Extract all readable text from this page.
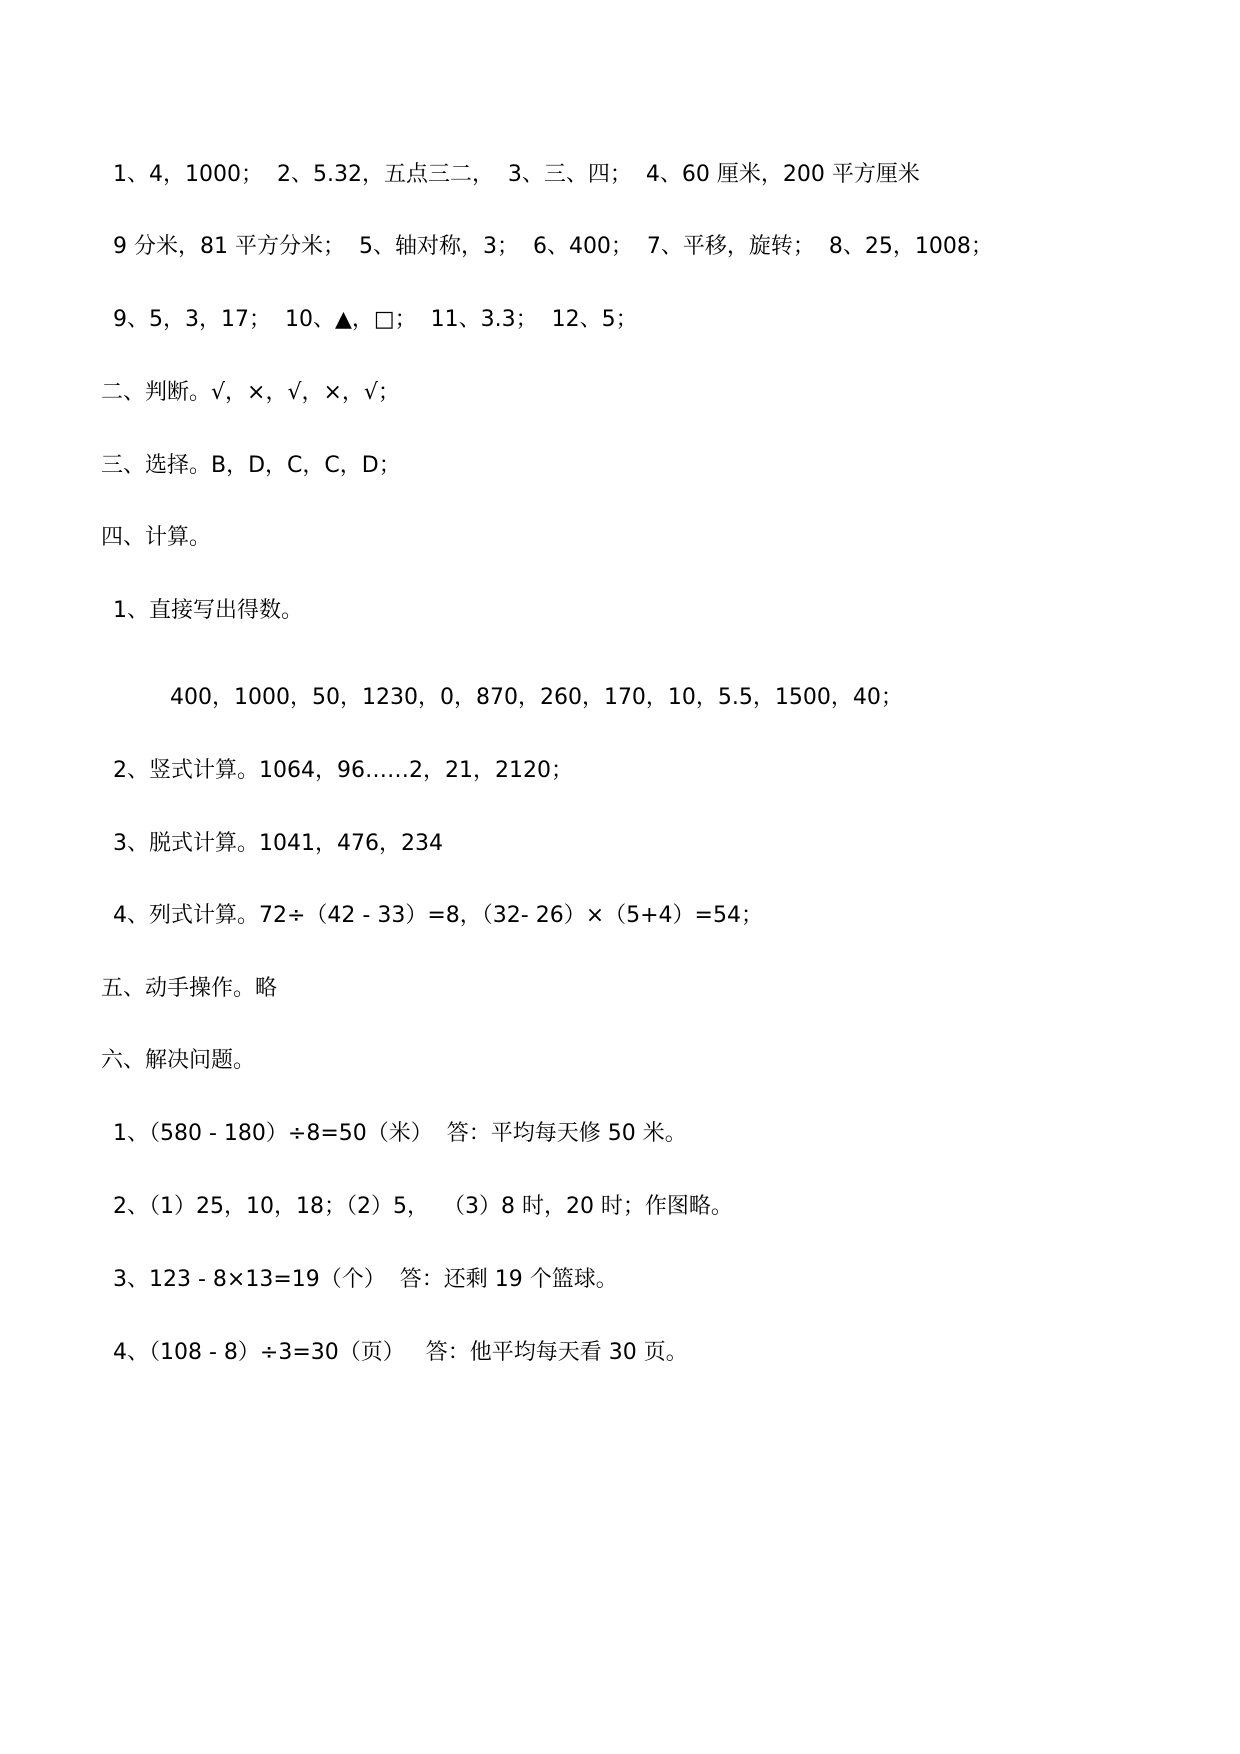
1、4，1000；  2、5.32，五点三二，  3、三、四；  4、60 厘米，200 平方厘米
9 分米，81 平方分米；  5、轴对称，3；  6、400；  7、平移，旋转；  8、25，1008；
9、5，3，17；  10、▲，□；  11、3.3；  12、5；
二、判断。√，×，√，×，√；
三、选择。B，D，C，C，D；
四、计算。
1、直接写出得数。
400，1000，50，1230，0，870，260，170，10，5.5，1500，40；
2、竖式计算。1064，96……2，21，2120；
3、脱式计算。1041，476，234
4、列式计算。72÷（42 - 33）=8，（32- 26）×（5+4）=54；
五、动手操作。略
六、解决问题。
1、（580 - 180）÷8=50（米）  答：平均每天修 50 米。
2、（1）25，10，18；（2）5，  （3）8 时，20 时；作图略。
3、123 - 8×13=19（个）  答：还剩 19 个篮球。
4、（108 - 8）÷3=30（页）   答：他平均每天看 30 页。
